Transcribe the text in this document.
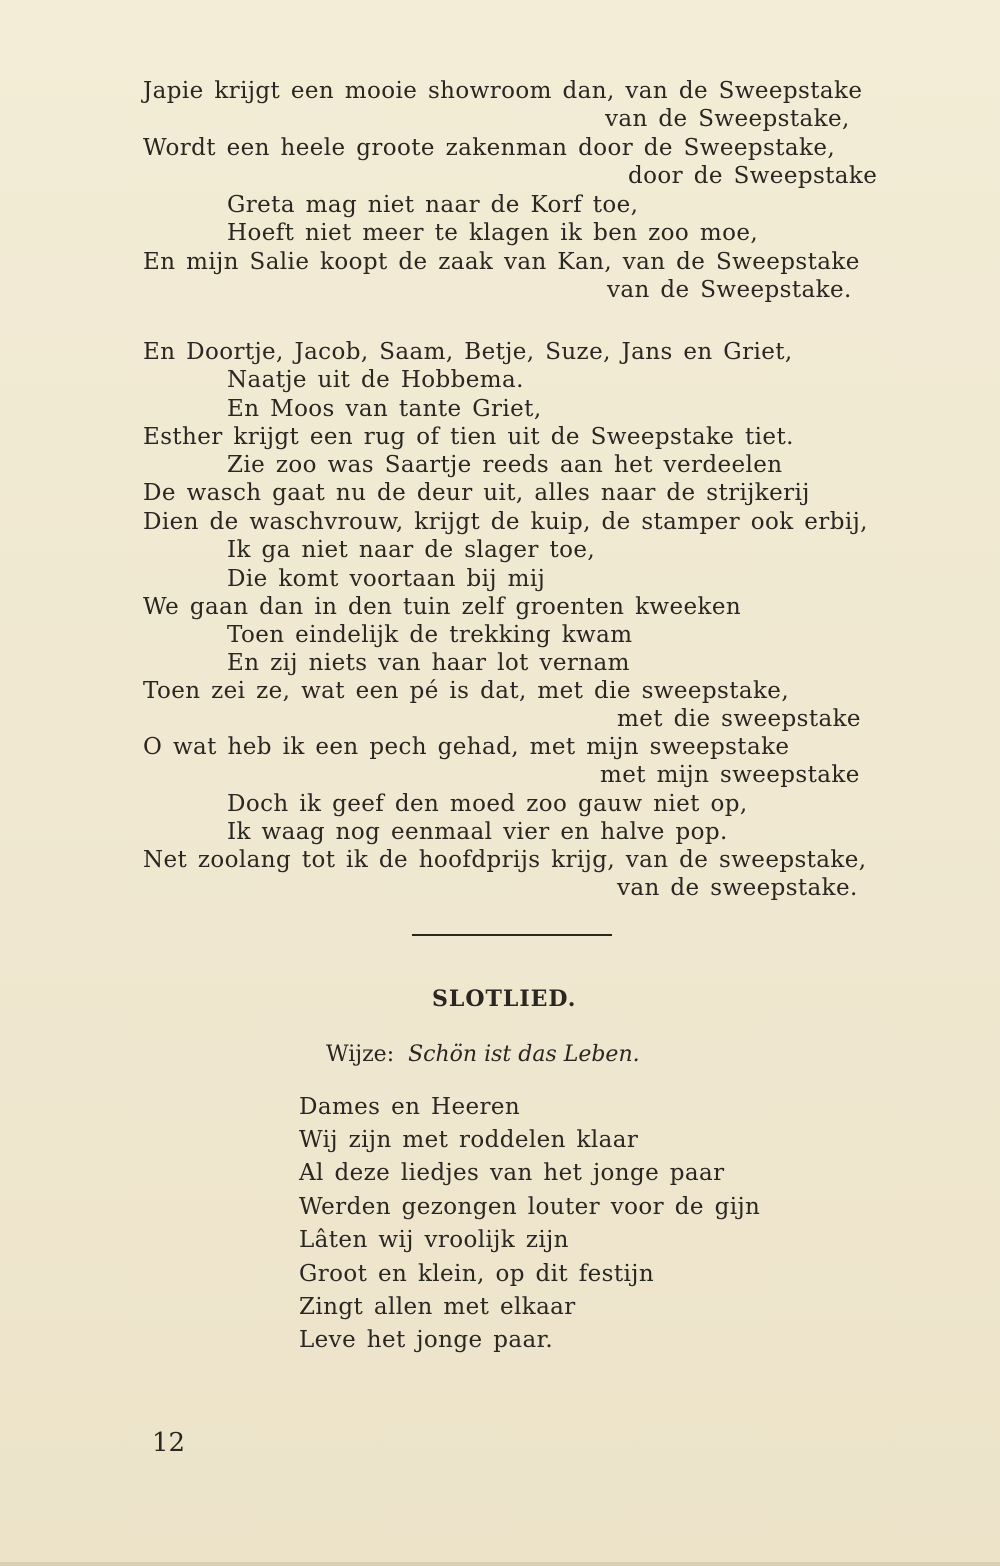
Japie krijgt een mooie showroom dan, van de Sweepstake

van de Sweepstake,

Wordt een heele groote zakenman door de Sweepstake,

door de Sweepstake

Greta mag niet naar de Korf toe,

Hoeft niet meer te klagen ik ben zoo moe,

En mijn Salie koopt de zaak van Kan, van de Sweepstake

van de Sweepstake.

En Doortje, Jacob, Saam, Betje, Suze, Jans en Griet,

Naatje uit de Hobbema.

En Moos van tante Griet,

Esther krijgt een rug of tien uit de Sweepstake tiet.

Zie zoo was Saartje reeds aan het verdeelen

De wasch gaat nu de deur uit, alles naar de strijkerij

Dien de waschvrouw, krijgt de kuip, de stamper ook erbij,

Ik ga niet naar de slager toe,

Die komt voortaan bij mij

We gaan dan in den tuin zelf groenten kweeken

Toen eindelijk de trekking kwam

En zij niets van haar lot vernam

Toen zei ze, wat een pé is dat, met die sweepstake,

met die sweepstake

O wat heb ik een pech gehad, met mijn sweepstake

met mijn sweepstake

Doch ik geef den moed zoo gauw niet op,

Ik waag nog eenmaal vier en halve pop.

Net zoolang tot ik de hoofdprijs krijg, van de sweepstake,

van de sweepstake.

SLOTLIED.
Wijze: Schön ist das Leben.

Dames en Heeren

Wij zijn met roddelen klaar

Al deze liedjes van het jonge paar

Werden gezongen louter voor de gijn

Lâten wij vroolijk zijn

Groot en klein, op dit festijn

Zingt allen met elkaar

Leve het jonge paar.

12
